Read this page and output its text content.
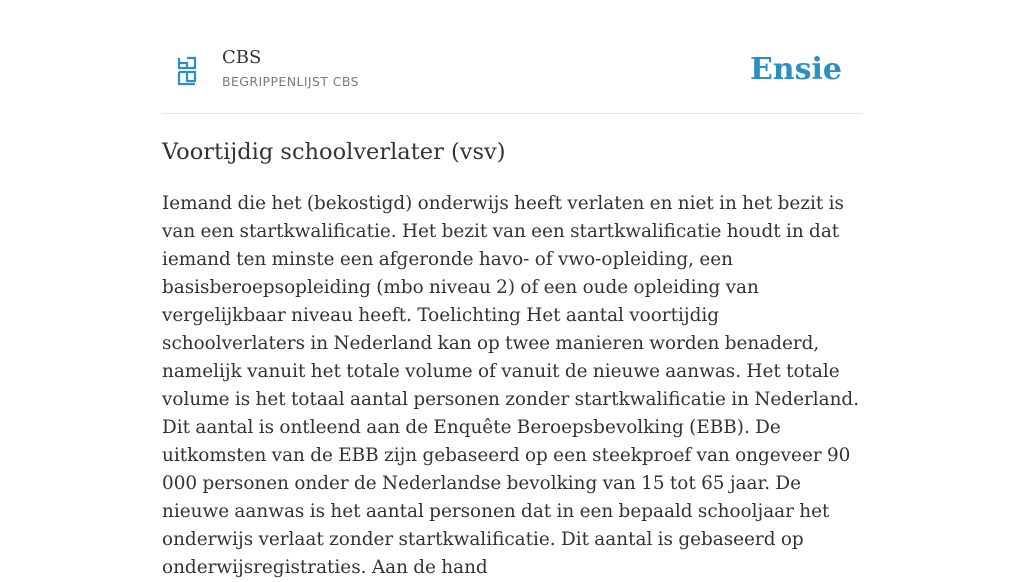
CBS
BEGRIPPENLIJST CBS	Ensie
Voortijdig schoolverlater (vsv)

Iemand die het (bekostigd) onderwijs heeft verlaten en niet in het bezit is van een startkwalificatie. Het bezit van een startkwalificatie houdt in dat iemand ten minste een afgeronde havo- of vwo-opleiding, een basisberoepsopleiding (mbo niveau 2) of een oude opleiding van vergelijkbaar niveau heeft. Toelichting Het aantal voortijdig schoolverlaters in Nederland kan op twee manieren worden benaderd, namelijk vanuit het totale volume of vanuit de nieuwe aanwas. Het totale volume is het totaal aantal personen zonder startkwalificatie in Nederland. Dit aantal is ontleend aan de Enquête Beroepsbevolking (EBB). De uitkomsten van de EBB zijn gebaseerd op een steekproef van ongeveer 90 000 personen onder de Nederlandse bevolking van 15 tot 65 jaar. De nieuwe aanwas is het aantal personen dat in een bepaald schooljaar het onderwijs verlaat zonder startkwalificatie. Dit aantal is gebaseerd op onderwijsregistraties. Aan de hand
